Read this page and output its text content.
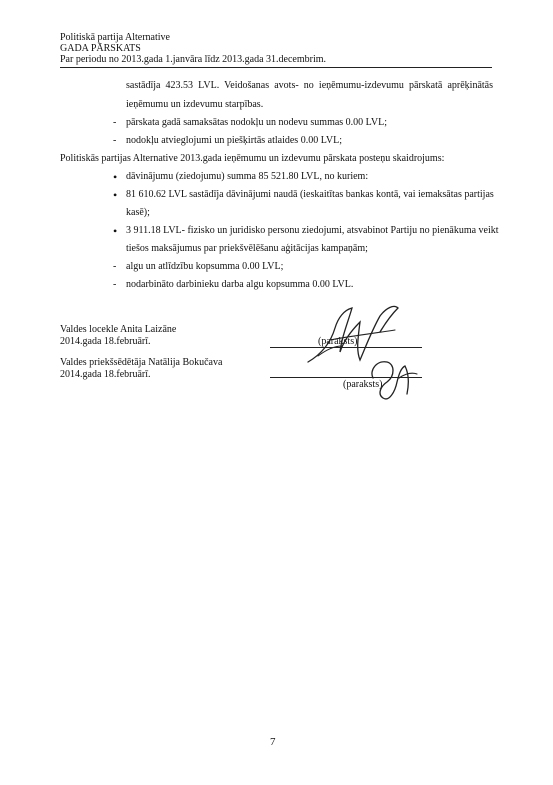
Politiskā partija Alternative
GADA PĀRSKATS
Par periodu no 2013.gada 1.janvāra līdz 2013.gada 31.decembrim.
sastādīja 423.53 LVL. Veidošanas avots- no ieņēmumu-izdevumu pārskatā aprēķinātās
ieņēmumu un izdevumu starpības.
- pārskata gadā samaksātas nodokļu un nodevu summas 0.00 LVL;
- nodokļu atvieglojumi un piešķirtās atlaides 0.00 LVL;
Politiskās partijas Alternative 2013.gada ieņēmumu un izdevumu pārskata posteņu skaidrojums:
• dāvinājumu (ziedojumu) summa 85 521.80 LVL, no kuriem:
• 81 610.62 LVL sastādīja dāvinājumi naudā (ieskaitītas bankas kontā, vai iemaksātas partijas
kasē);
• 3 911.18 LVL- fizisko un juridisko personu ziedojumi, atsvabinot Partiju no pienākuma veikt
tiešos maksājumus par priekšvēlēšanu aģitācijas kampaņām;
- algu un atlīdzību kopsumma 0.00 LVL;
- nodarbināto darbinieku darba algu kopsumma 0.00 LVL.
Valdes locekle Anita Laizāne
2014.gada 18.februārī.	(paraksts)
Valdes priekšsēdētāja Natālija Bokučava
2014.gada 18.februārī.
(paraksts)
7
